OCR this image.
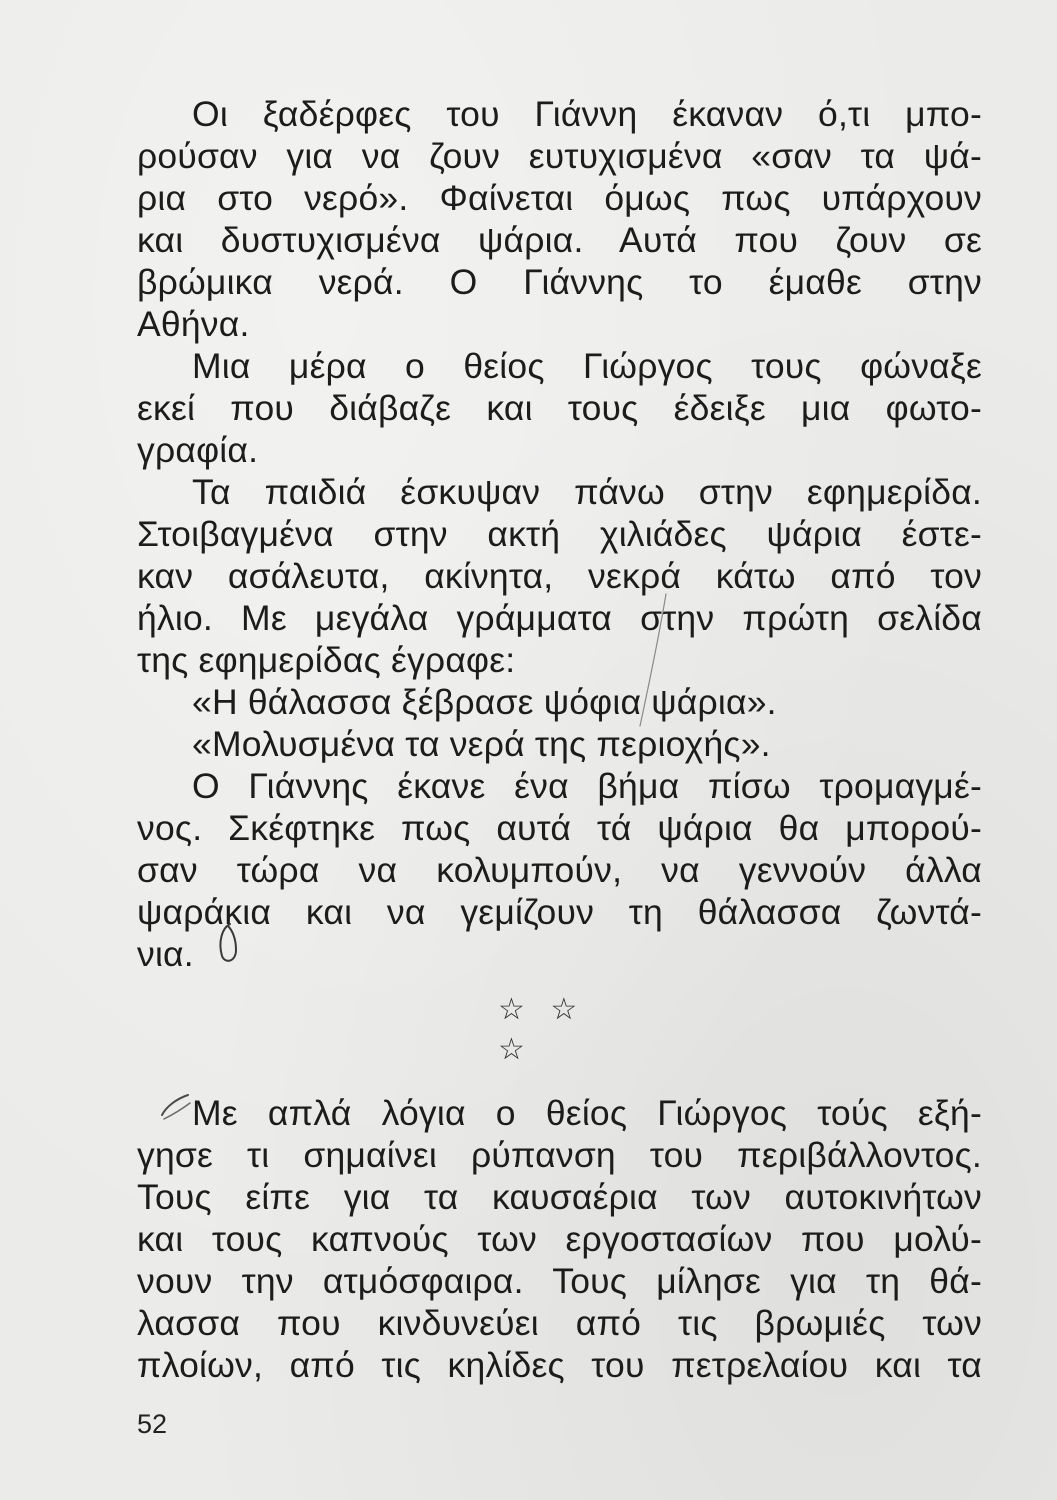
Οι ξαδέρφες του Γιάννη έκαναν ό,τι μπο-
ρούσαν για να ζουν ευτυχισμένα «σαν τα ψά-
ρια στο νερό». Φαίνεται όμως πως υπάρχουν
και δυστυχισμένα ψάρια. Αυτά που ζουν σε
βρώμικα νερά. Ο Γιάννης το έμαθε στην
Αθήνα.
Μια μέρα ο θείος Γιώργος τους φώναξε
εκεί που διάβαζε και τους έδειξε μια φωτο-
γραφία.
Τα παιδιά έσκυψαν πάνω στην εφημερίδα.
Στοιβαγμένα στην ακτή χιλιάδες ψάρια έστε-
καν ασάλευτα, ακίνητα, νεκρά κάτω από τον
ήλιο. Με μεγάλα γράμματα στην πρώτη σελίδα
της εφημερίδας έγραφε:
«Η θάλασσα ξέβρασε ψόφια ψάρια».
«Μολυσμένα τα νερά της περιοχής».
Ο Γιάννης έκανε ένα βήμα πίσω τρομαγμέ-
νος. Σκέφτηκε πως αυτά τά ψάρια θα μπορού-
σαν τώρα να κολυμπούν, να γεννούν άλλα
ψαράκια και να γεμίζουν τη θάλασσα ζωντά-
νια.
Με απλά λόγια ο θείος Γιώργος τούς εξή-
γησε τι σημαίνει ρύπανση του περιβάλλοντος.
Τους είπε για τα καυσαέρια των αυτοκινήτων
και τους καπνούς των εργοστασίων που μολύ-
νουν την ατμόσφαιρα. Τους μίλησε για τη θά-
λασσα που κινδυνεύει από τις βρωμιές των
πλοίων, από τις κηλίδες του πετρελαίου και τα
☆ ☆ ☆
52
